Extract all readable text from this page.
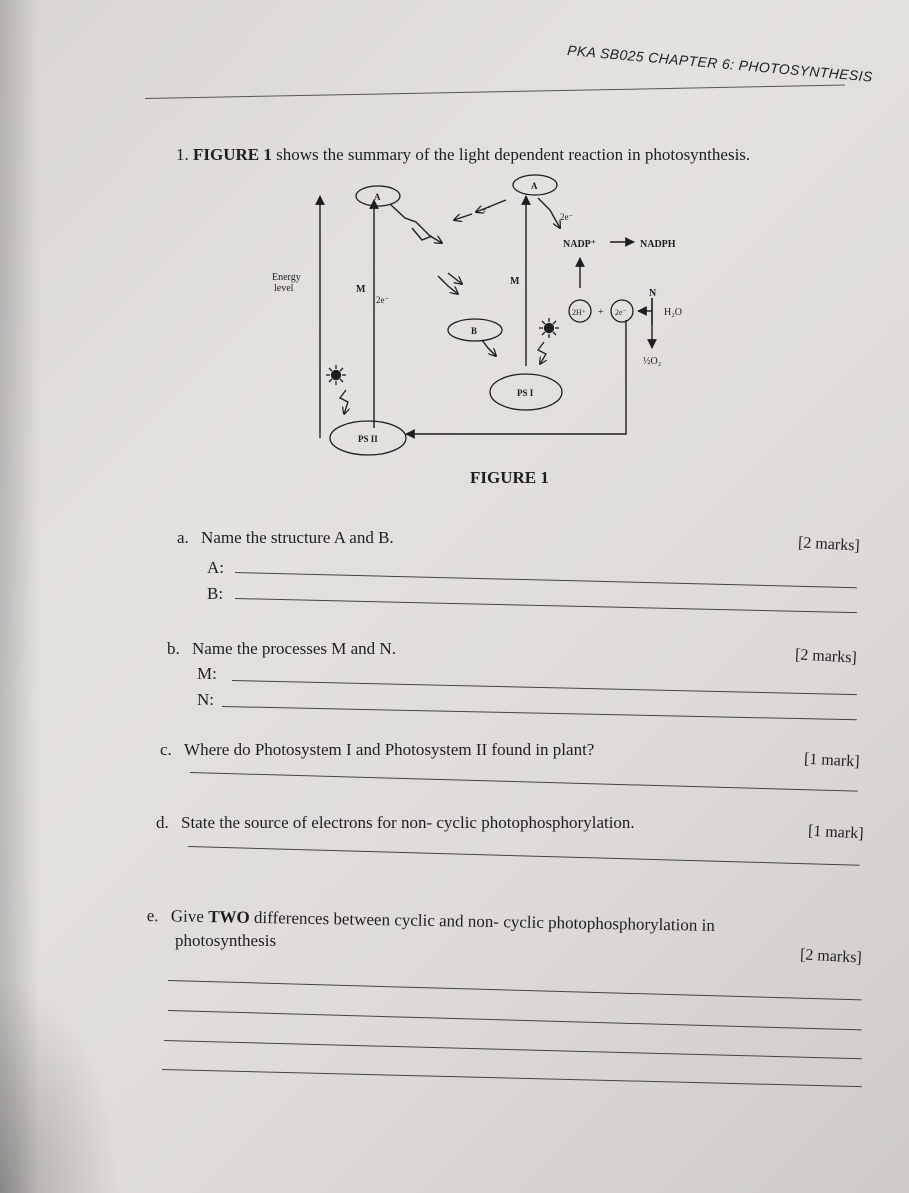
PKA SB025 CHAPTER 6: PHOTOSYNTHESIS
1. FIGURE 1 shows the summary of the light dependent reaction in photosynthesis.
Energy
level
A
A
M
M
2e⁻
2e⁻
e⁻
B
NADP⁺	NADPH
N
2H⁺ + 2e⁻	H₂O
½O₂
PS I
PS II
FIGURE 1
a. Name the structure A and B.	[2 marks]
A:
B:
b. Name the processes M and N.	[2 marks]
M:
N:
c. Where do Photosystem I and Photosystem II found in plant?
[1 mark]
d. State the source of electrons for non- cyclic photophosphorylation.
[1 mark]
e. Give TWO differences between cyclic and non- cyclic photophosphorylation in
photosynthesis
[2 marks]
